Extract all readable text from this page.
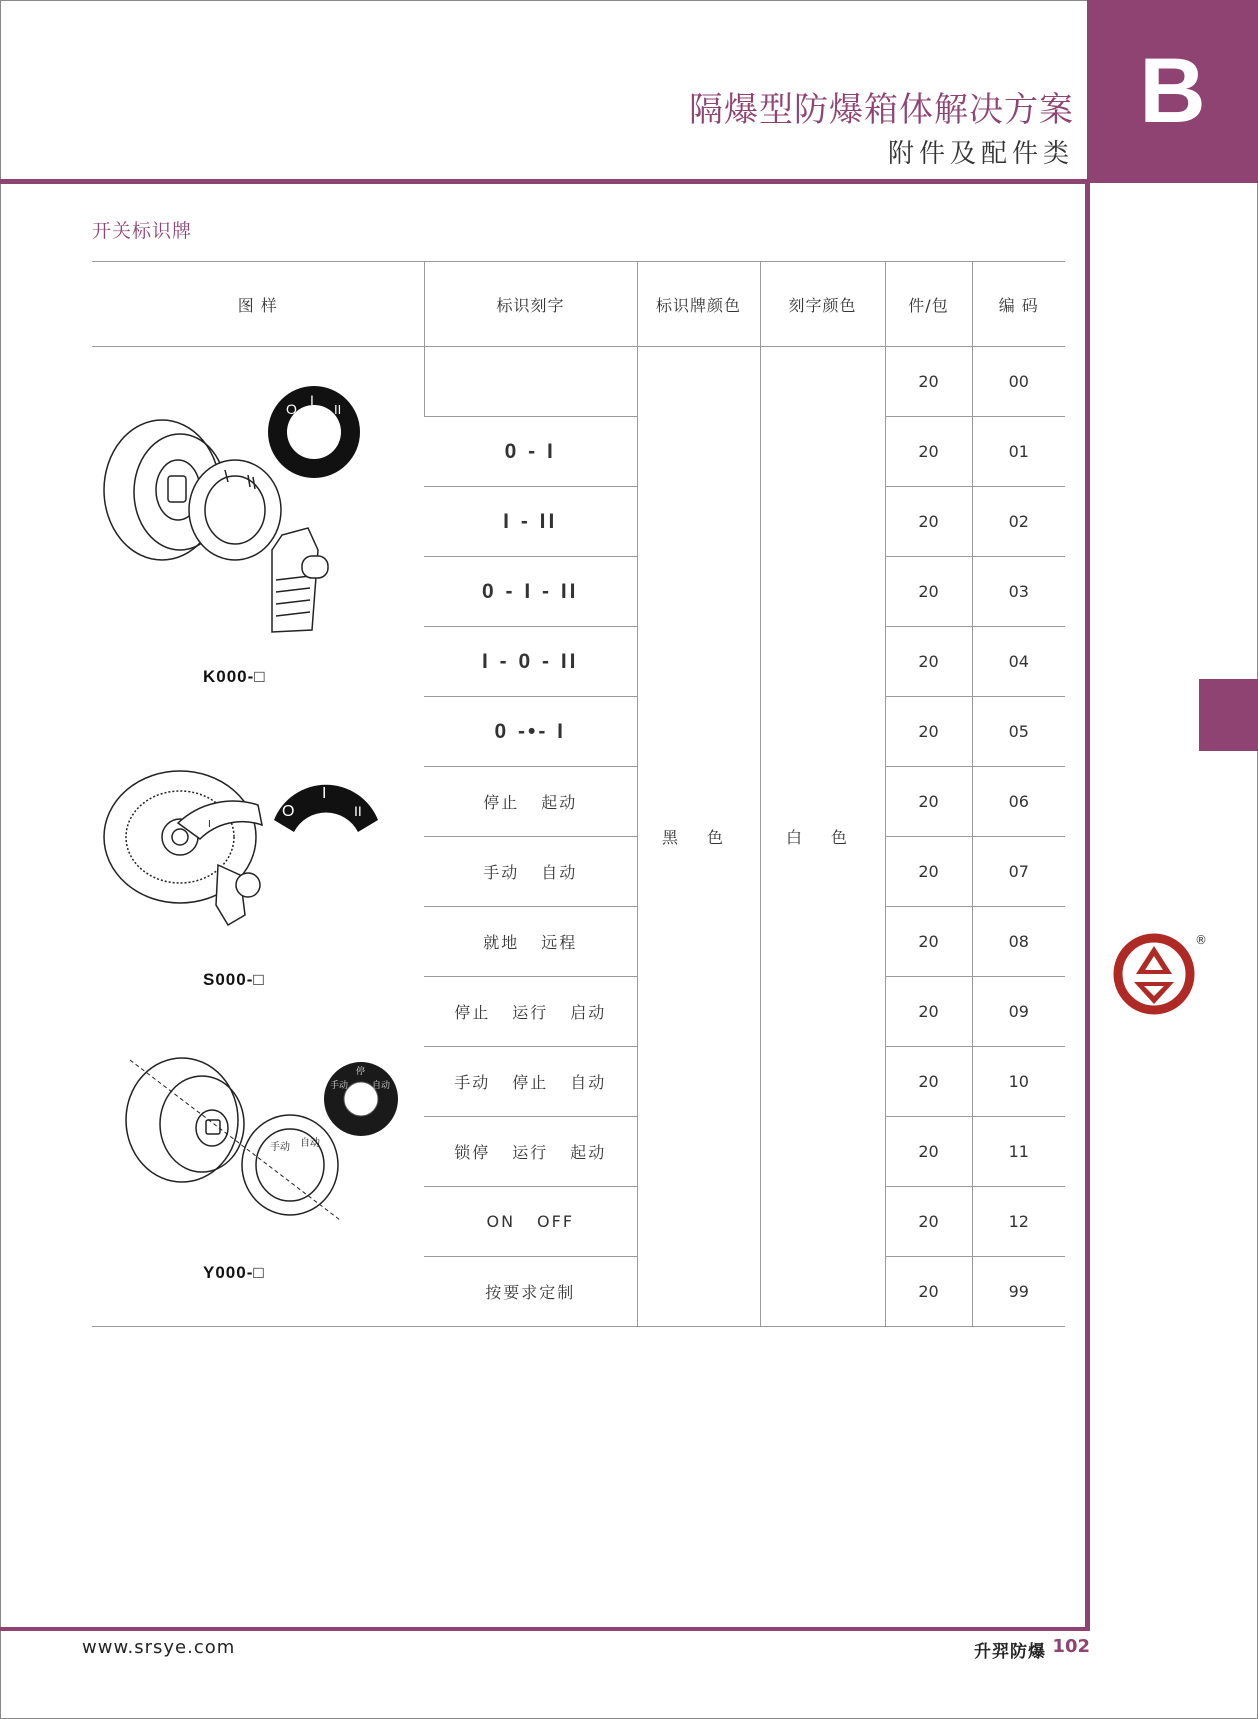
B
隔爆型防爆箱体解决方案
附件及配件类
开关标识牌
图 样	标识刻字	标识牌颜色	刻字颜色	件/包	编 码
		黑 色	白 色	20	00
	0 - I			20	01
	I - II			20	02
	0 - I - II			20	03
	I - 0 - II			20	04
	0 -•- I			20	05
	停止 起动			20	06
	手动 自动			20	07
	就地 远程			20	08
	停止 运行 启动			20	09
	手动 停止 自动			20	10
	锁停 运行 起动			20	11
	ON OFF			20	12
	按要求定制			20	99
O
I
II
K000-□
I
O
I
II
S000-□
手动 自动
手动
停
自动
Y000-□
®
www.srsye.com	升羿防爆 102
